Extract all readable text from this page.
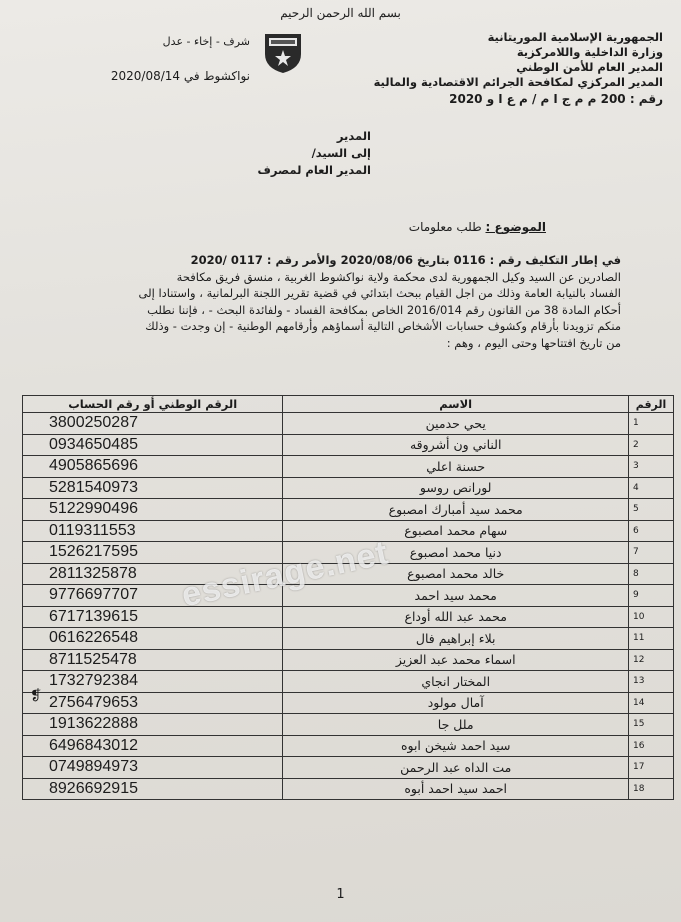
بسم الله الرحمن الرحيم
الجمهورية الإسلامية الموريتانية
وزارة الداخلية واللامركزية
المدير العام للأمن الوطني
المدير المركزي لمكافحة الجرائم الاقتصادية والمالية
رقم : 200 م م ج ا م / م ع ا و 2020
شرف - إخاء - عدل
نواكشوط في 2020/08/14
المدير
إلى السيد/
المدير العام لمصرف
الموضوع : طلب معلومات
في إطار التكليف رقم : 0116 بتاريخ 2020/08/06 والأمر رقم : 0117 /2020
الصادرين عن السيد وكيل الجمهورية لدى محكمة ولاية نواكشوط الغربية ، منسق فريق مكافحة
الفساد بالنيابة العامة وذلك من اجل القيام ببحث ابتدائي في قضية تقرير اللجنة البرلمانية ، واستنادا إلى
أحكام المادة 38 من القانون رقم 2016/014 الخاص بمكافحة الفساد - ولفائدة البحث - ، فإننا نطلب
منكم تزويدنا بأرقام وكشوف حسابات الأشخاص التالية أسماؤهم وأرقامهم الوطنية - إن وجدت - وذلك
من تاريخ افتتاحها وحتى اليوم ، وهم :
الرقم	الاسم	الرقم الوطني أو رقم الحساب
1	يحي حدمين	3800250287
2	الناني ون أشروقه	0934650485
3	حسنة اعلي	4905865696
4	لورانص روسو	5281540973
5	محمد سيد أمبارك امصبوع	5122990496
6	سهام محمد امصبوع	0119311553
7	دنيا محمد امصبوع	1526217595
8	خالد محمد امصبوع	2811325878
9	محمد سيد احمد	9776697707
10	محمد عبد الله أوداع	6717139615
11	بلاء إبراهيم فال	0616226548
12	اسماء محمد عبد العزيز	8711525478
13	المختار انجاي	1732792384
14	آمال مولود	2756479653
15	ملل جا	1913622888
16	سيد احمد شيخن ابوه	6496843012
17	مت الداه عبد الرحمن	0749894973
18	احمد سيد احمد أبوه	8926692915
❡
essirage.net
1
